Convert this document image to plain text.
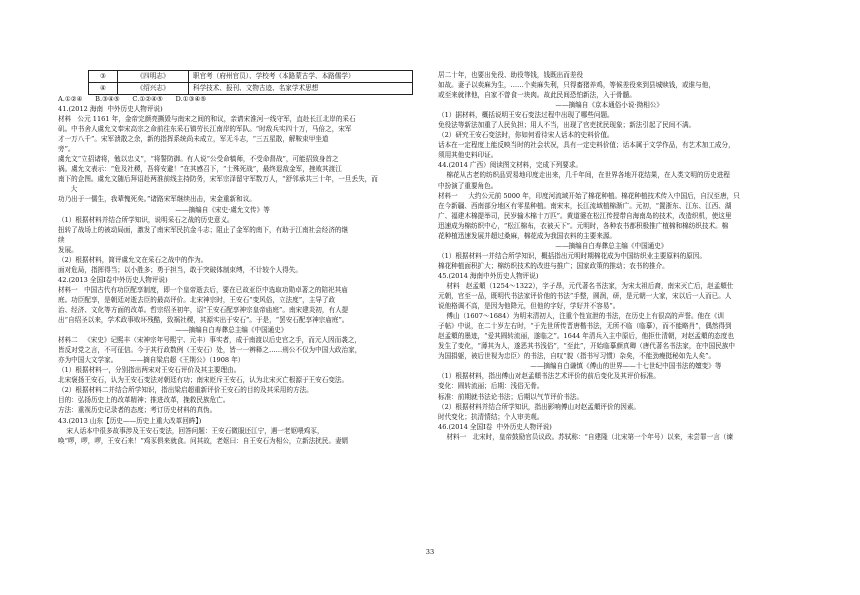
③	《四明志》	职官考（府州官员）、学校考（本路蒙古学、本路儒学）
④	《绍兴志》	科学技术、报刊、文物古迹、名家学术思想

A.①②④      B.③④⑤      C.①②④⑤      D.①③④⑤

41.(2012 海南  中外历史人物评说)

材料   公元 1161 年，金帝完颜亮撕毁与南宋之间的和议，亲请宋淮河一线守军，直赴长江北岸的采石

矶。中书舍人虞允文奉宋高宗之命前往东采石镇劳长江南岸的军队。“时敌兵实四十万，马倍之，宋军

才一万八千”。宋军溃散之余，新的指挥系统尚未成立，军无斗志，“三五星散，解鞍束甲坐道

旁”。

虞允文“立招诸将，勉以忠义”，“将誓防御。有人说“公受命犒师，不受命督战”，可能招致身首之

祸。虞允文表示：“危及社稷，吾将安避！”在其感召下，“士殊死战”，最终退敌金军，挫败其渡江

南下的企图。虞允文随后拜诏赴两淮前线主持防务，宋军宗泽留守军数万人，“舒邻承共三十年，一旦丢失，而

大

功乃出于一儒生，我辈愧死矣。”诸路宋军继续出击，宋金重新和议。

——摘编自《宋史·虞允文传》等

（1）根据材料并结合所学知识，说明采石之战的历史意义。

扭转了战场上的被动局面，激发了南宋军民抗金斗志；阻止了金军的南下，有助于江南社会经济的继

续

发展。

（2）根据材料，简评虞允文在采石之战中的作为。

面对危局，指挥得当；以小胜多；勇于担当，敢于突破体制束缚，不计较个人得失。

42.(2013 全国Ⅰ卷中外历史人物评说)

材料一   中国古代有功臣配享制度，即一个皇帝逝去后，要在已故亚臣中选取功勋卓著之的陪祀其庙

庭。功臣配享，是朝廷对逝去臣的最高评价。北宋神宗时，王安石“变风俗，立法度”，主导了政

治、经济、文化等方面的改革。哲宗绍圣初年，诏“王安石配享神宗皇帝庙庭”。南宋建炎初，有人提

出“自绍圣以来，学术政事败坏残酷，致祸社稷，其源实出于安石”。于是，“罢安石配享神宗庙庭”。

——摘编自白寿彝总主编《中国通史》

材料二   《宋史》记熙丰（宋神宗年号熙宁、元丰）事实者，成于南渡以后史官之手，而元人因而袭之，

皆反对党之言，不可征信。今于其行政数例（王安石）处，皆一一辨释之……刑公不仅为中国大政治家，

亦为中国大文学家。      ——摘自梁启超《王荆公》（1908 年）

（1）根据材料一，分别指出两宋对王安石评价及其主要理由。

北宋褒扬王安石，认为王安石变法对朝廷有功；南宋贬斥王安石，认为北宋灭亡根源于王安石变法。

（2）根据材料二并结合所学知识，指出梁启超重新评价王安石的目的及其采用的方法。

目的：弘扬历史上的改革精神；推进改革，挽救民族危亡。

方法：重视历史记录者的态度；考订历史材料的真伪。

43.(2013 山东【历史——历史上重大改革回眸】)

宋人话本中很多故事涉及王安石变法，回答问题：王安石微服还江宁，遇一老妪喂鸡豕，

唤“啰，啰，啰，王安石来！”鸡豕俱来就食。问其故，老妪曰：自王安石为相公，立新法扰民。妻婿

居二十年，也要出免役、助役等钱，钱既出而差役

如故。妻子以卖麻为生，……个卖麻失利，只得畜猪养鸡，等候差役来到县城赎钱，或谁与他，

或至来就律他，自家不曾食一块肉。故此民间恐怕新法，入于骨髓。

——摘编自《京本通俗小说·拗相公》

（1）据材料，概括说明王安石变法过程中出现了哪些问题。

免役法等新法加重了人民负担；用人不当，出现了官吏扰民现象；新法引起了民间不满。

（2）研究王安石变法时，你如何看待宋人话本的史料价值。

话本在一定程度上能反映当时的社会状况，具有一定史料价值；话本属于文学作品，有艺术加工成分，

须用其他史料印证。

44.(2014 广西）阅读图文材料，完成下列要求。

棉花从古老的纺织品贸易地印度走出来，几千年间，在世界各地开花结果，在人类文明的历史进程

中扮演了重要角色。

材料一     大约公元前 5000 年，印度河流域开始了棉花种植。棉花种植技术传入中国后，自汉至唐，只

在今新疆、西南部分地区有零星种植。南宋末，长江流域植棉渐广。元初，“置浙东、江东、江西、湖

广、福建木棉提举司，民岁输木棉十万匹”。黄道婆在松江传授带自海南岛的技术，改造织机，使这里

迅速成为棉纺织中心，“松江棉布，衣被天下”。元明时，各种农书都积极推广植棉和棉纺织技术。棉

花种植迅速发展并超过桑麻，棉花成为我国衣料的主要来源。

——摘编自白寿彝总主编《中国通史》

（1）根据材料一并结合所学知识，概括指出元明时期棉花成为中国纺织业主要原料的原因。

棉花种植面积扩大；棉纺织技术的改进与推广；国家政策的推动；农书的推介。

45.(2014 海南中外历史人物评说)

材料   赵孟頫（1254～1322），字子昂，元代著名书法家，为宋太祖后裔，南宋灭亡后，赵孟頫仕

元朝，官至一品，既明代书法家评价他的书法“手整，圆润，研，是元朝一大家，宋以后一人而已。人

说他格调不高，是因为他降元，但他的字好，学好并不容易”。

傅山（1607～1684）为明末清初人，注重个性宣泄的书法，在历史上有很高的声誉。他在《训

子帖》中说，在二十岁左右时，“于先世所传晋唐楷书法，无所不临（临摹），而不能略肖”，偶然得到

赵孟頫的墨迹，“爱其圆转流丽，遂临之”。1644 年清兵入主中原后，他拒仕清朝，对赵孟頫的态度也

发生了变化，“薄其为人，遂恶其书浅俗”，“至此”，开始临摹颜真卿（唐代著名书法家，在中国民族中

为国捐躯，被后世视为忠臣）的书法，自叹“貌（指书写习惯）杂矣，不能劲瘦挺秘如先人矣”。

——摘编自白谦慎《傅山的世界——十七世纪中国书法的嬗变》等

（1）根据材料，指出傅山对赵孟頫书法艺术评价的前后变化及其评价标准。

变化：圆转流丽；后期：浅俗无骨。

标准：前期就书法论书法；后期以气节评价书法。

（2）根据材料并结合所学知识，指出影响傅山对赵孟頫评价的因素。

时代变化；抗清情结；个人审美观。

46.(2014 全国Ⅰ卷  中外历史人物评说)

材料一   北宋时，皇帝鼓励官员议政。苏轼称：“自建隆（北宋第一个年号）以来，未尝罪一言（谏

33
